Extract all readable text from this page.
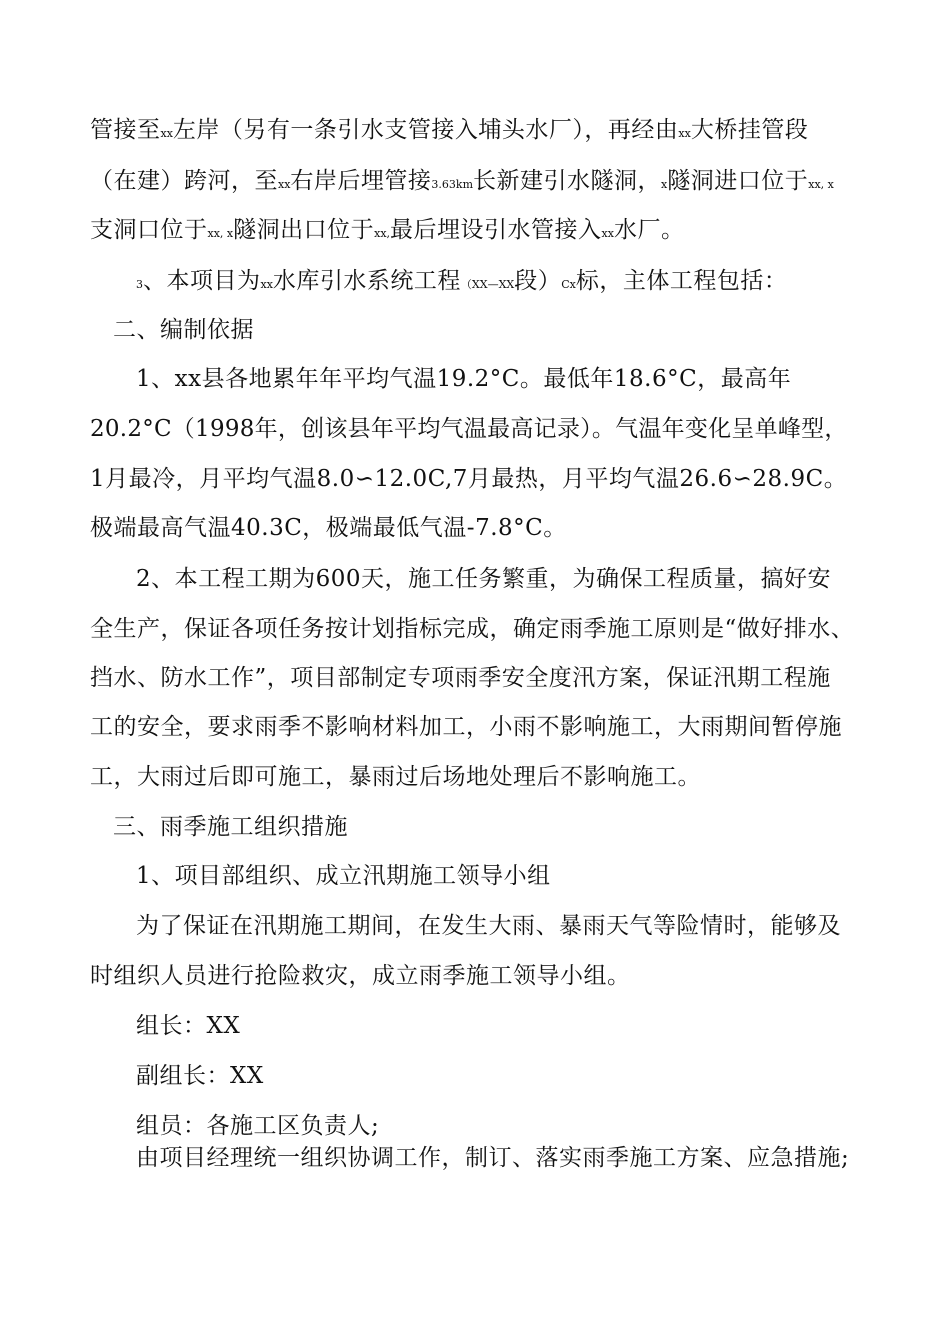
管接至xx左岸（另有一条引水支管接入埔头水厂），再经由xx大桥挂管段
（在建）跨河，至xx右岸后埋管接3.63km长新建引水隧洞，x隧洞进口位于xx, x
支洞口位于xx, x隧洞出口位于xx,最后埋设引水管接入xx水厂。
3、本项目为xx水库引水系统工程（XX—XX段）Cx标，主体工程包括：
二、编制依据
1、xx县各地累年年平均气温19.2°C。最低年18.6°C，最高年
20.2°C（1998年，创该县年平均气温最高记录）。气温年变化呈单峰型，
1月最冷，月平均气温8.0∽12.0C,7月最热，月平均气温26.6∽28.9C。
极端最高气温40.3C，极端最低气温-7.8°C。
2、本工程工期为600天，施工任务繁重，为确保工程质量，搞好安
全生产，保证各项任务按计划指标完成，确定雨季施工原则是“做好排水、
挡水、防水工作”，项目部制定专项雨季安全度汛方案，保证汛期工程施
工的安全，要求雨季不影响材料加工，小雨不影响施工，大雨期间暂停施
工，大雨过后即可施工，暴雨过后场地处理后不影响施工。
三、雨季施工组织措施
1、项目部组织、成立汛期施工领导小组
为了保证在汛期施工期间，在发生大雨、暴雨天气等险情时，能够及
时组织人员进行抢险救灾，成立雨季施工领导小组。
组长：XX
副组长：XX
组员：各施工区负责人;
由项目经理统一组织协调工作，制订、落实雨季施工方案、应急措施;
